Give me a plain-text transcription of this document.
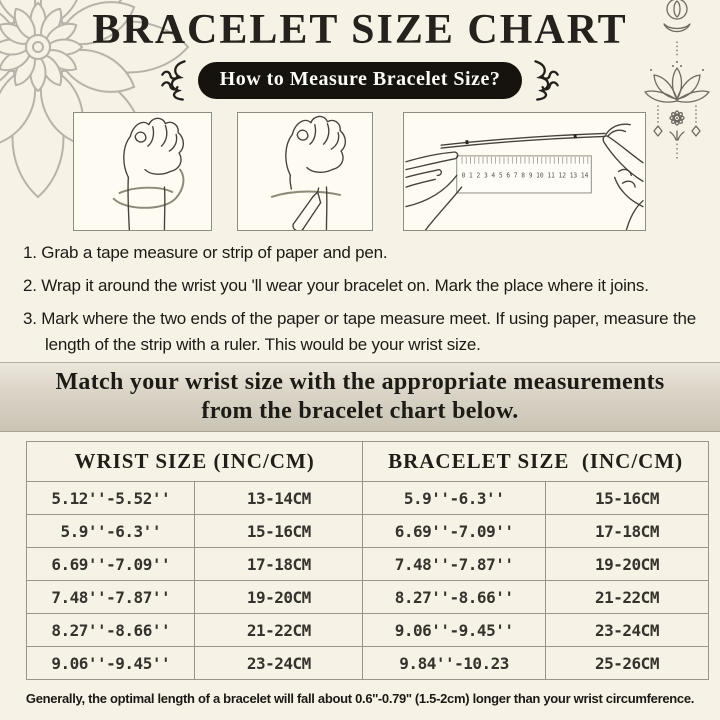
BRACELET SIZE CHART
How to Measure Bracelet Size?
0 1 2 3 4 5 6 7 8 9 10 11 12 13 14
1. Grab a tape measure or strip of paper and pen.
2. Wrap it around the wrist you 'll wear your bracelet on. Mark the place where it joins.
3. Mark where the two ends of the paper or tape measure meet. If using paper, measure the length of the strip with a ruler. This would be your wrist size.
Match your wrist size with the appropriate measurements from the bracelet chart below.
WRIST SIZE (INC/CM)		BRACELET SIZE  (INC/CM)	
5.12''-5.52''	13-14CM	5.9''-6.3''	15-16CM
5.9''-6.3''	15-16CM	6.69''-7.09''	17-18CM
6.69''-7.09''	17-18CM	7.48''-7.87''	19-20CM
7.48''-7.87''	19-20CM	8.27''-8.66''	21-22CM
8.27''-8.66''	21-22CM	9.06''-9.45''	23-24CM
9.06''-9.45''	23-24CM	9.84''-10.23	25-26CM
Generally, the optimal length of a bracelet will fall about 0.6''-0.79'' (1.5-2cm) longer than your wrist circumference.
